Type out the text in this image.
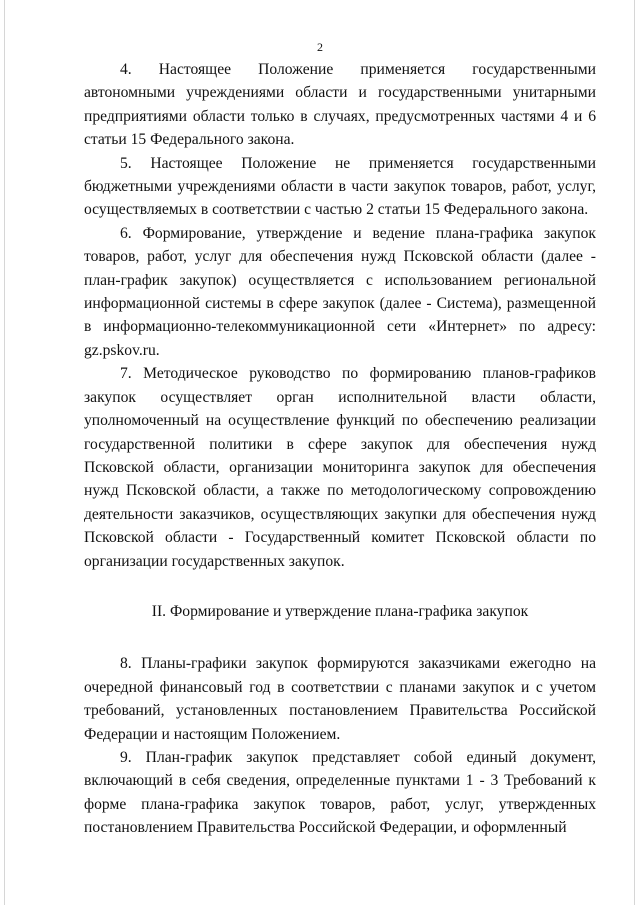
2

4. Настоящее Положение применяется государственными автономными учреждениями области и государственными унитарными предприятиями области только в случаях, предусмотренных частями 4 и 6 статьи 15 Федерального закона.

5. Настоящее Положение не применяется государственными бюджетными учреждениями области в части закупок товаров, работ, услуг, осуществляемых в соответствии с частью 2 статьи 15 Федерального закона.

6. Формирование, утверждение и ведение плана-графика закупок товаров, работ, услуг для обеспечения нужд Псковской области (далее - план-график закупок) осуществляется с использованием региональной информационной системы в сфере закупок (далее - Система), размещенной в информационно-телекоммуникационной сети «Интернет» по адресу: gz.pskov.ru.

7. Методическое руководство по формированию планов-графиков закупок осуществляет орган исполнительной власти области, уполномоченный на осуществление функций по обеспечению реализации государственной политики в сфере закупок для обеспечения нужд Псковской области, организации мониторинга закупок для обеспечения нужд Псковской области, а также по методологическому сопровождению деятельности заказчиков, осуществляющих закупки для обеспечения нужд Псковской области - Государственный комитет Псковской области по организации государственных закупок.

II. Формирование и утверждение плана-графика закупок

8. Планы-графики закупок формируются заказчиками ежегодно на очередной финансовый год в соответствии с планами закупок и с учетом требований, установленных постановлением Правительства Российской Федерации и настоящим Положением.

9. План-график закупок представляет собой единый документ, включающий в себя сведения, определенные пунктами 1 - 3 Требований к форме плана-графика закупок товаров, работ, услуг, утвержденных постановлением Правительства Российской Федерации, и оформленный
